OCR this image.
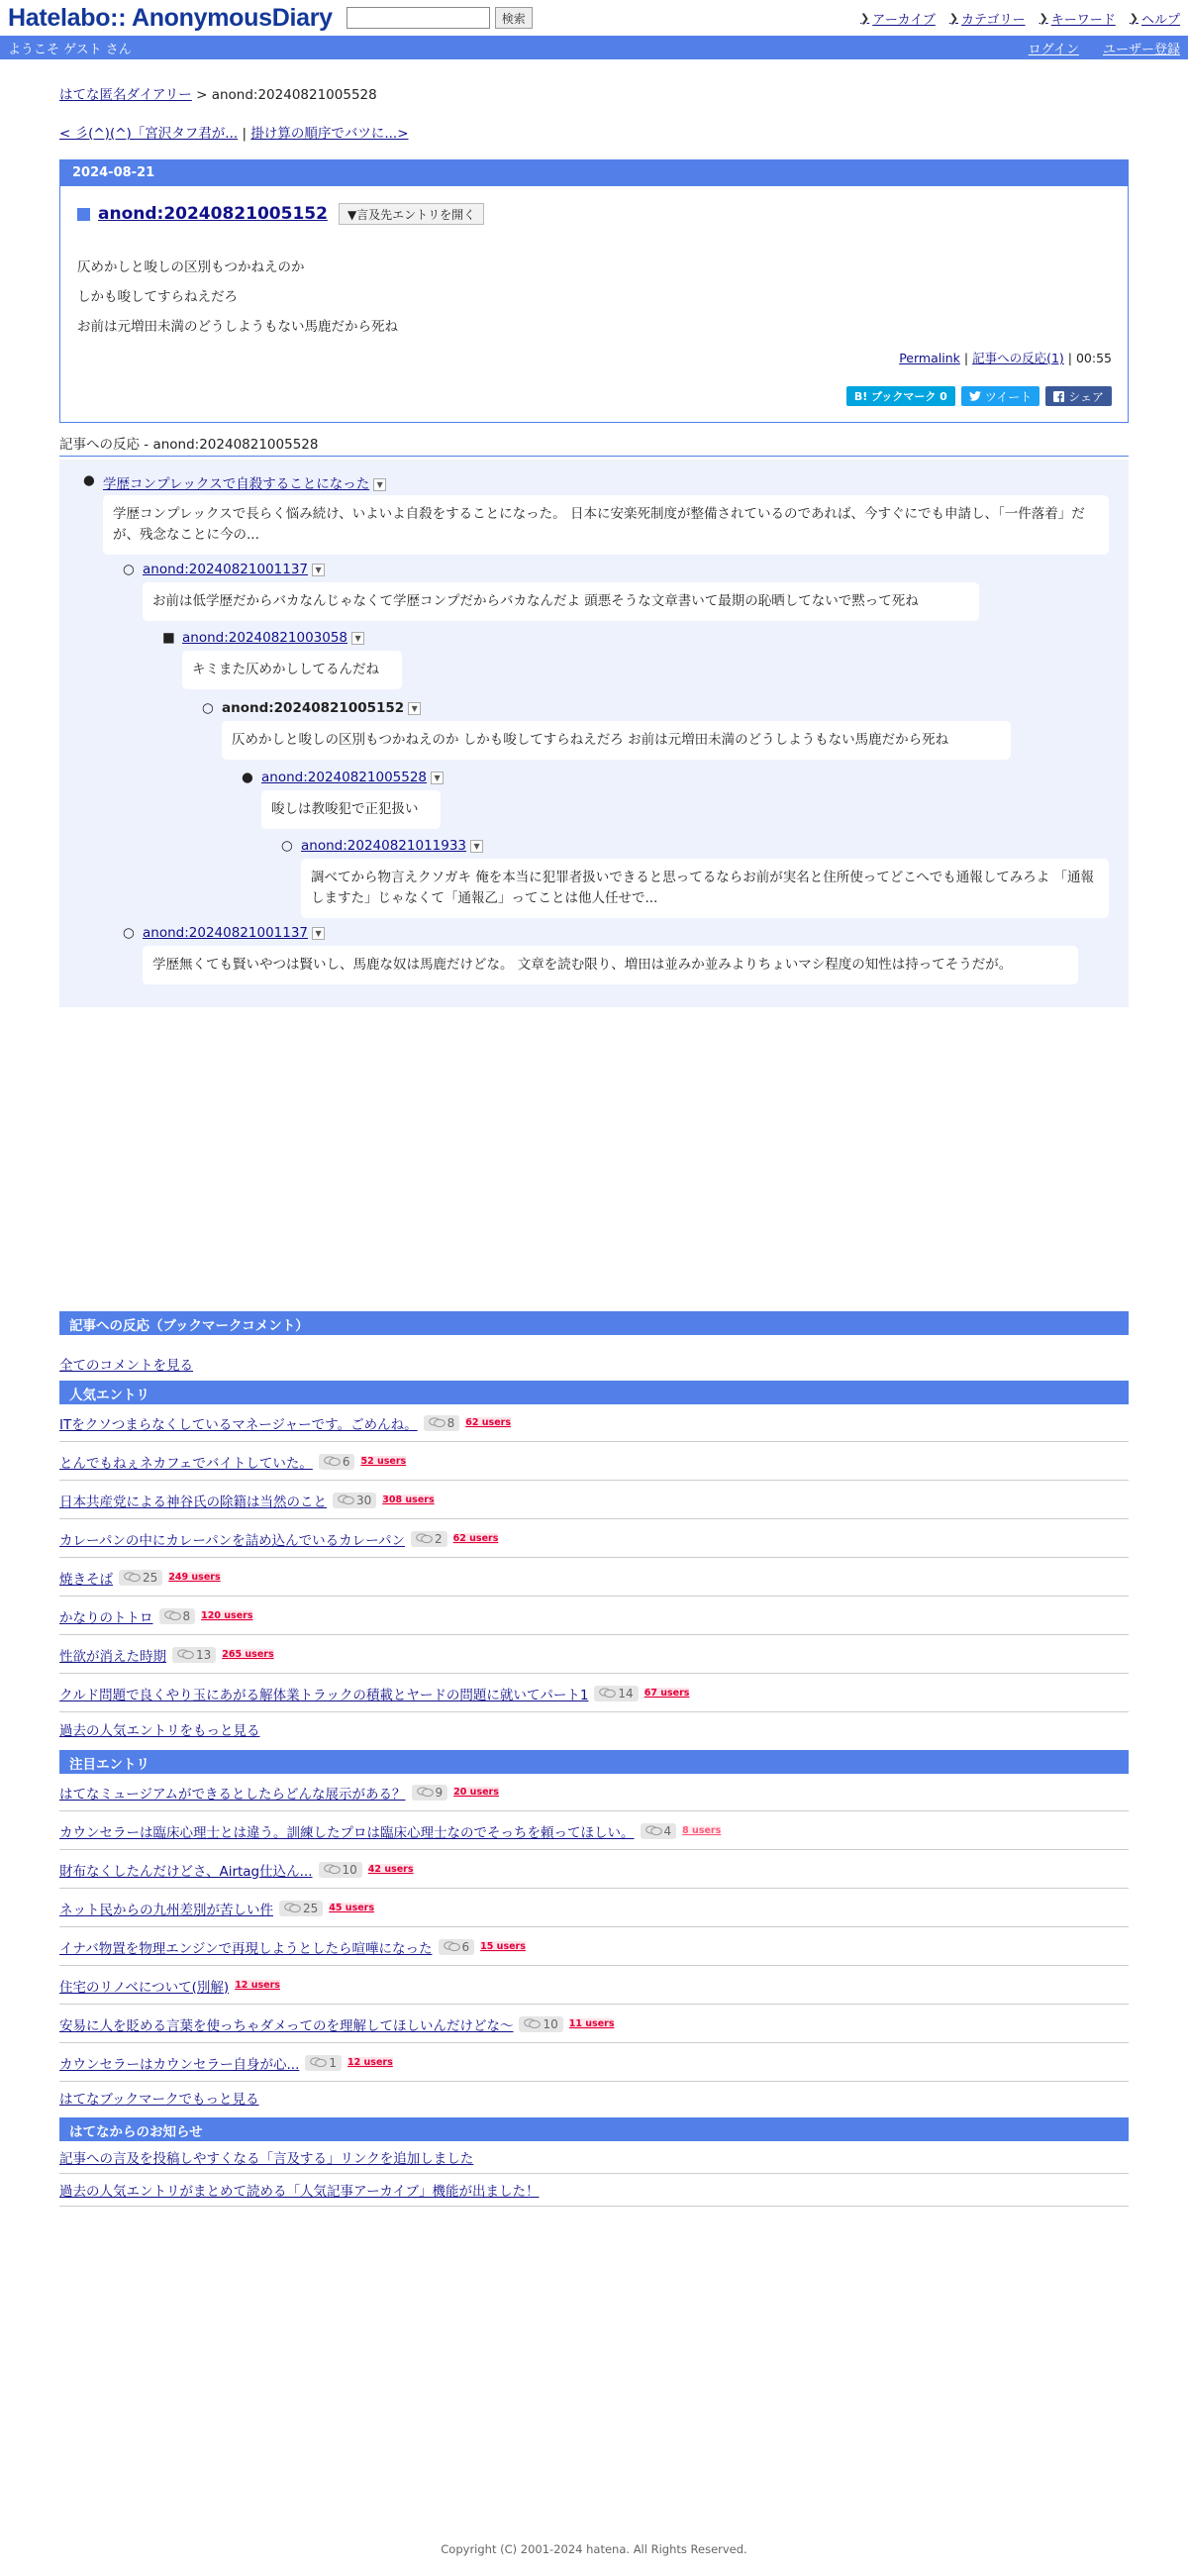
Hatelabo:: AnonymousDiary	検索	❯ アーカイブ ❯ カテゴリー ❯ キーワード ❯ ヘルプ
ようこそ ゲスト さん	ログイン ユーザー登録
はてな匿名ダイアリー > anond:20240821005528
< 彡(^)(^)「宮沢タフ君が... | 掛け算の順序でバツに...>
2024-08-21
anond:20240821005152	▼言及先エントリを開く
仄めかしと唆しの区別もつかねえのか
しかも唆してすらねえだろ
お前は元増田未満のどうしようもない馬鹿だから死ね
Permalink | 記事への反応(1) | 00:55
B! ブックマーク 0	ツイート	シェア
記事への反応 - anond:20240821005528
● 学歴コンプレックスで自殺することになった ▼
学歴コンプレックスで長らく悩み続け、いよいよ自殺をすることになった。 日本に安楽死制度が整備されているのであれば、今すぐにでも申請し、「一件落着」だが、残念なことに今の...
○ anond:20240821001137 ▼
お前は低学歴だからバカなんじゃなくて学歴コンプだからバカなんだよ 頭悪そうな文章書いて最期の恥晒してないで黙って死ね
■ anond:20240821003058 ▼
キミまた仄めかししてるんだね
○ anond:20240821005152 ▼
仄めかしと唆しの区別もつかねえのか しかも唆してすらねえだろ お前は元増田未満のどうしようもない馬鹿だから死ね
● anond:20240821005528 ▼
唆しは教唆犯で正犯扱い
○ anond:20240821011933 ▼
調べてから物言えクソガキ 俺を本当に犯罪者扱いできると思ってるならお前が実名と住所使ってどこへでも通報してみろよ 「通報しますた」じゃなくて「通報乙」ってことは他人任せで...
○ anond:20240821001137 ▼
学歴無くても賢いやつは賢いし、馬鹿な奴は馬鹿だけどな。 文章を読む限り、増田は並みか並みよりちょいマシ程度の知性は持ってそうだが。
記事への反応（ブックマークコメント）
全てのコメントを見る
人気エントリ
ITをクソつまらなくしているマネージャーです。ごめんね。	8 62 users
とんでもねぇネカフェでバイトしていた。	6 52 users
日本共産党による神谷氏の除籍は当然のこと	30 308 users
カレーパンの中にカレーパンを詰め込んでいるカレーパン	2 62 users
焼きそば	25 249 users
かなりのトトロ	8 120 users
性欲が消えた時期	13 265 users
クルド問題で良くやり玉にあがる解体業トラックの積載とヤードの問題に就いてパート1	14 67 users
過去の人気エントリをもっと見る
注目エントリ
はてなミュージアムができるとしたらどんな展示がある？	9 20 users
カウンセラーは臨床心理士とは違う。訓練したプロは臨床心理士なのでそっちを頼ってほしい。	4 8 users
財布なくしたんだけどさ、Airtag仕込ん...	10 42 users
ネット民からの九州差別が苦しい件	25 45 users
イナバ物置を物理エンジンで再現しようとしたら喧嘩になった	6 15 users
住宅のリノベについて(別解) 12 users
安易に人を貶める言葉を使っちゃダメってのを理解してほしいんだけどな〜	10 11 users
カウンセラーはカウンセラー自身が心...	1 12 users
はてなブックマークでもっと見る
はてなからのお知らせ
記事への言及を投稿しやすくなる「言及する」リンクを追加しました
過去の人気エントリがまとめて読める「人気記事アーカイブ」機能が出ました！
Copyright (C) 2001-2024 hatena. All Rights Reserved.
